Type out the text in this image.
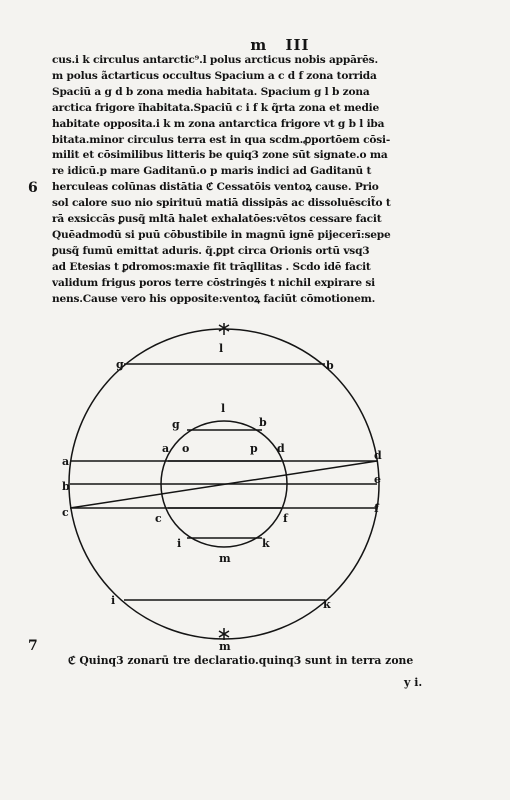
m III
cus.i k circulus antarctic⁹.l polus arcticus nobis appārēs.
m polus ãctarticus occultus Spacium a c d f zona torrida
Spaciū a g d b zona media habitata. Spacium g l b zona
arctica frigore ĩhabitata.Spaciū c i f k q̃rta zona et medie
habitate opposita.i k m zona antarctica frigore vt g b l iba
bitata.minor circulus terra est in qua scdm.ꝓportōem cōsi-
milit et cōsimilibus litteris be quiq3 zone sūt signate.o ma
re idicū.p mare Gaditanū.o p maris indici ad Gaditanū t
herculeas colūnas distātia ℭ Cessatōis ventoꝝ cause. Prio
sol calore suo nio spirituū matiā dissipās ac dissoluēscit̃o t
rā exsiccās ꝑusq̃ mltā halet exhalatōes:vētos cessare facit
Quēadmodū si puū cōbustibile in magnū ignē pijecerī:sepe
ꝑusq̃ fumū emittat aduris. q̃.ꝑpt circa Orionis ortū vsq3
ad Etesias t ꝑdromos:maxie fit trāqllitas . Scdo idē facit
validum frigus poros terre cōstringēs t nichil expirare si
nens.Cause vero his opposite:ventoꝝ faciūt cōmotionem.
6
7
l
g	b
a	d
b
e
c	f
i	k
m
l
g	b
a o	p d
c	f
i	k
m
ℭ Quinq3 zonarū tre declaratio.quinq3 sunt in terra zone
y i.
